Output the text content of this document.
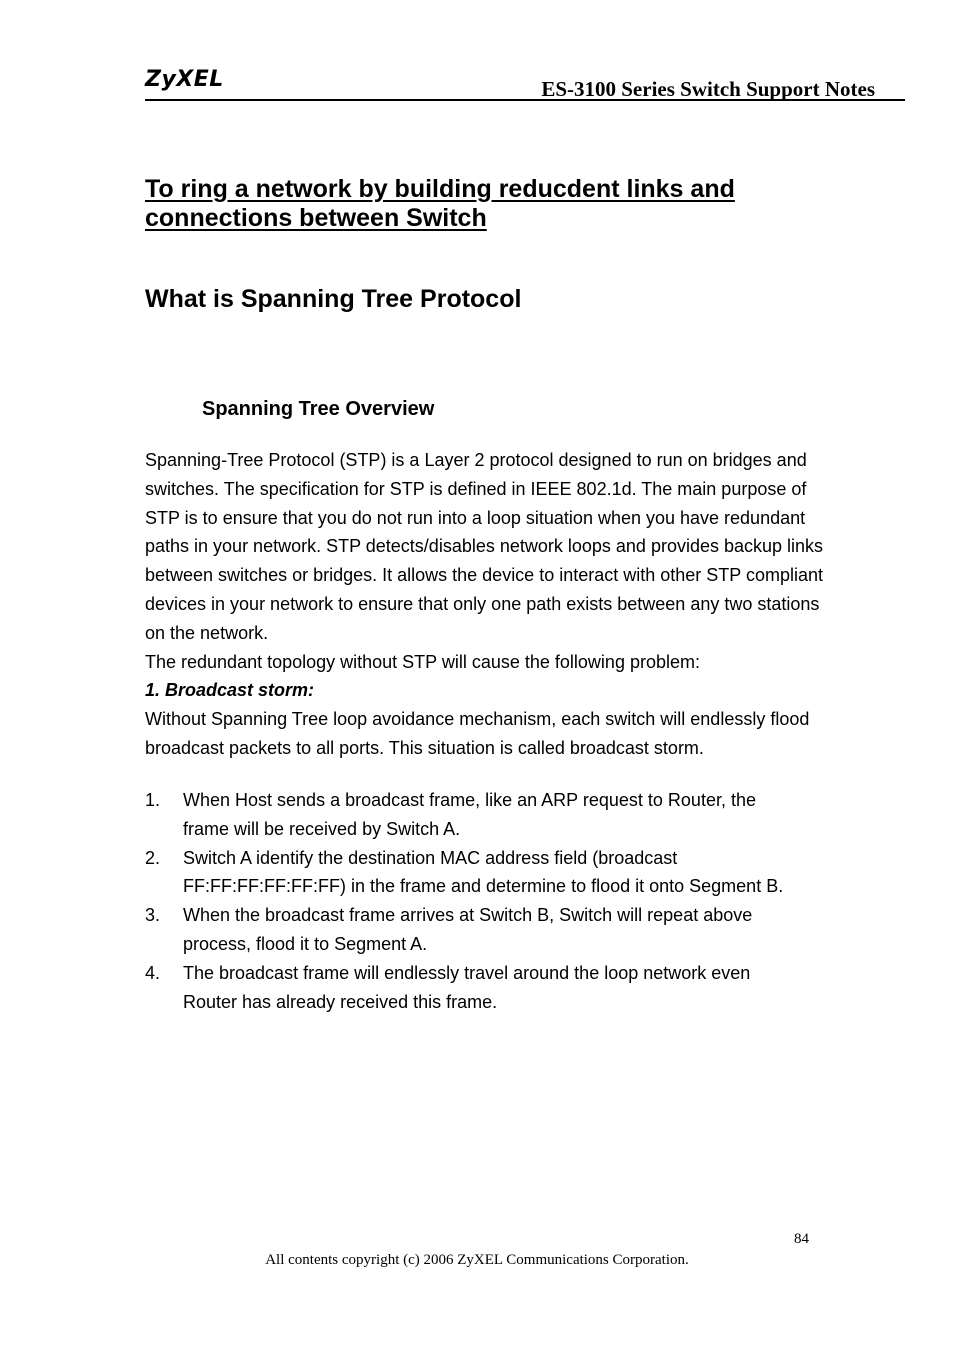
ZyXEL	ES-3100 Series Switch Support Notes
To ring a network by building reducdent links and connections between Switch
What is Spanning Tree Protocol
Spanning Tree Overview

Spanning-Tree Protocol (STP) is a Layer 2 protocol designed to run on bridges and switches. The specification for STP is defined in IEEE 802.1d. The main purpose of STP is to ensure that you do not run into a loop situation when you have redundant paths in your network. STP detects/disables network loops and provides backup links between switches or bridges. It allows the device to interact with other STP compliant devices in your network to ensure that only one path exists between any two stations on the network.

The redundant topology without STP will cause the following problem:

1. Broadcast storm:

Without Spanning Tree loop avoidance mechanism, each switch will endlessly flood broadcast packets to all ports. This situation is called broadcast storm.

1. When Host sends a broadcast frame, like an ARP request to Router, the frame will be received by Switch A.
2. Switch A identify the destination MAC address field (broadcast FF:FF:FF:FF:FF:FF) in the frame and determine to flood it onto Segment B.
3. When the broadcast frame arrives at Switch B, Switch will repeat above process, flood it to Segment A.
4. The broadcast frame will endlessly travel around the loop network even Router has already received this frame.
84
All contents copyright (c) 2006 ZyXEL Communications Corporation.
